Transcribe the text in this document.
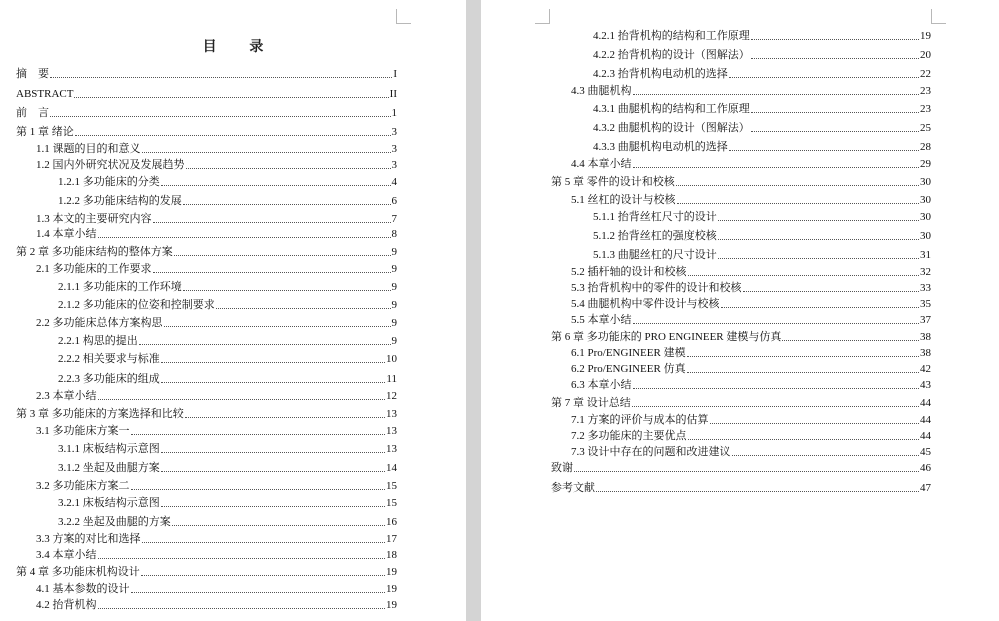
目 录
摘　要	I
ABSTRACT	II
前　言	1
第 1 章 绪论	3
1.1 课题的目的和意义	3
1.2 国内外研究状况及发展趋势	3
1.2.1 多功能床的分类	4
1.2.2 多功能床结构的发展	6
1.3 本文的主要研究内容	7
1.4 本章小结	8
第 2 章 多功能床结构的整体方案	9
2.1 多功能床的工作要求	9
2.1.1 多功能床的工作环境	9
2.1.2 多功能床的位姿和控制要求	9
2.2 多功能床总体方案构思	9
2.2.1 构思的提出	9
2.2.2 相关要求与标准	10
2.2.3 多功能床的组成	11
2.3 本章小结	12
第 3 章 多功能床的方案选择和比较	13
3.1 多功能床方案一	13
3.1.1 床板结构示意图	13
3.1.2 坐起及曲腿方案	14
3.2 多功能床方案二	15
3.2.1 床板结构示意图	15
3.2.2 坐起及曲腿的方案	16
3.3 方案的对比和选择	17
3.4 本章小结	18
第 4 章 多功能床机构设计	19
4.1 基本参数的设计	19
4.2 抬背机构	19
4.2.1 抬背机构的结构和工作原理	19
4.2.2 抬背机构的设计（图解法）	20
4.2.3 抬背机构电动机的选择	22
4.3 曲腿机构	23
4.3.1 曲腿机构的结构和工作原理	23
4.3.2 曲腿机构的设计（图解法）	25
4.3.3 曲腿机构电动机的选择	28
4.4 本章小结	29
第 5 章 零件的设计和校核	30
5.1 丝杠的设计与校核	30
5.1.1 抬背丝杠尺寸的设计	30
5.1.2 抬背丝杠的强度校核	30
5.1.3 曲腿丝杠的尺寸设计	31
5.2 插杆轴的设计和校核	32
5.3 抬背机构中的零件的设计和校核	33
5.4 曲腿机构中零件设计与校核	35
5.5 本章小结	37
第 6 章 多功能床的 PRO ENGINEER 建模与仿真	38
6.1 Pro/ENGINEER 建模	38
6.2 Pro/ENGINEER 仿真	42
6.3 本章小结	43
第 7 章 设计总结	44
7.1 方案的评价与成本的估算	44
7.2 多功能床的主要优点	44
7.3 设计中存在的问题和改进建议	45
致谢	46
参考文献	47
